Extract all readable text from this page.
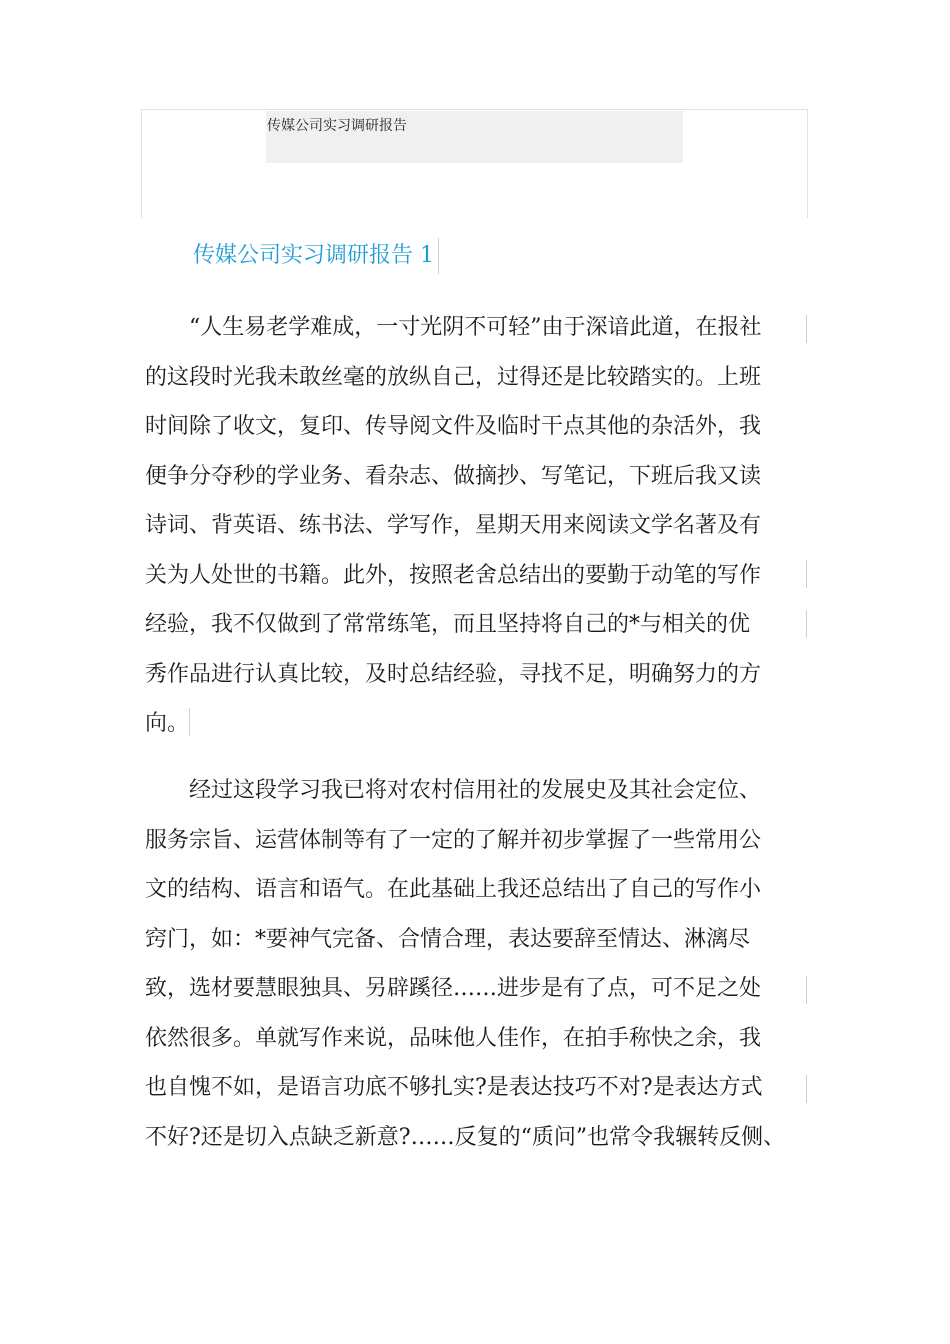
传媒公司实习调研报告
传媒公司实习调研报告 1
“人生易老学难成，一寸光阴不可轻”由于深谙此道，在报社
的这段时光我未敢丝毫的放纵自己，过得还是比较踏实的。上班
时间除了收文，复印、传导阅文件及临时干点其他的杂活外，我
便争分夺秒的学业务、看杂志、做摘抄、写笔记，下班后我又读
诗词、背英语、练书法、学写作，星期天用来阅读文学名著及有
关为人处世的书籍。此外，按照老舍总结出的要勤于动笔的写作
经验，我不仅做到了常常练笔，而且坚持将自己的*与相关的优
秀作品进行认真比较，及时总结经验，寻找不足，明确努力的方
向。
经过这段学习我已将对农村信用社的发展史及其社会定位、
服务宗旨、运营体制等有了一定的了解并初步掌握了一些常用公
文的结构、语言和语气。在此基础上我还总结出了自己的写作小
窍门，如：*要神气完备、合情合理，表达要辞至情达、淋漓尽
致，选材要慧眼独具、另辟蹊径……进步是有了点，可不足之处
依然很多。单就写作来说，品味他人佳作，在拍手称快之余，我
也自愧不如，是语言功底不够扎实?是表达技巧不对?是表达方式
不好?还是切入点缺乏新意?……反复的“质问”也常令我辗转反侧、
